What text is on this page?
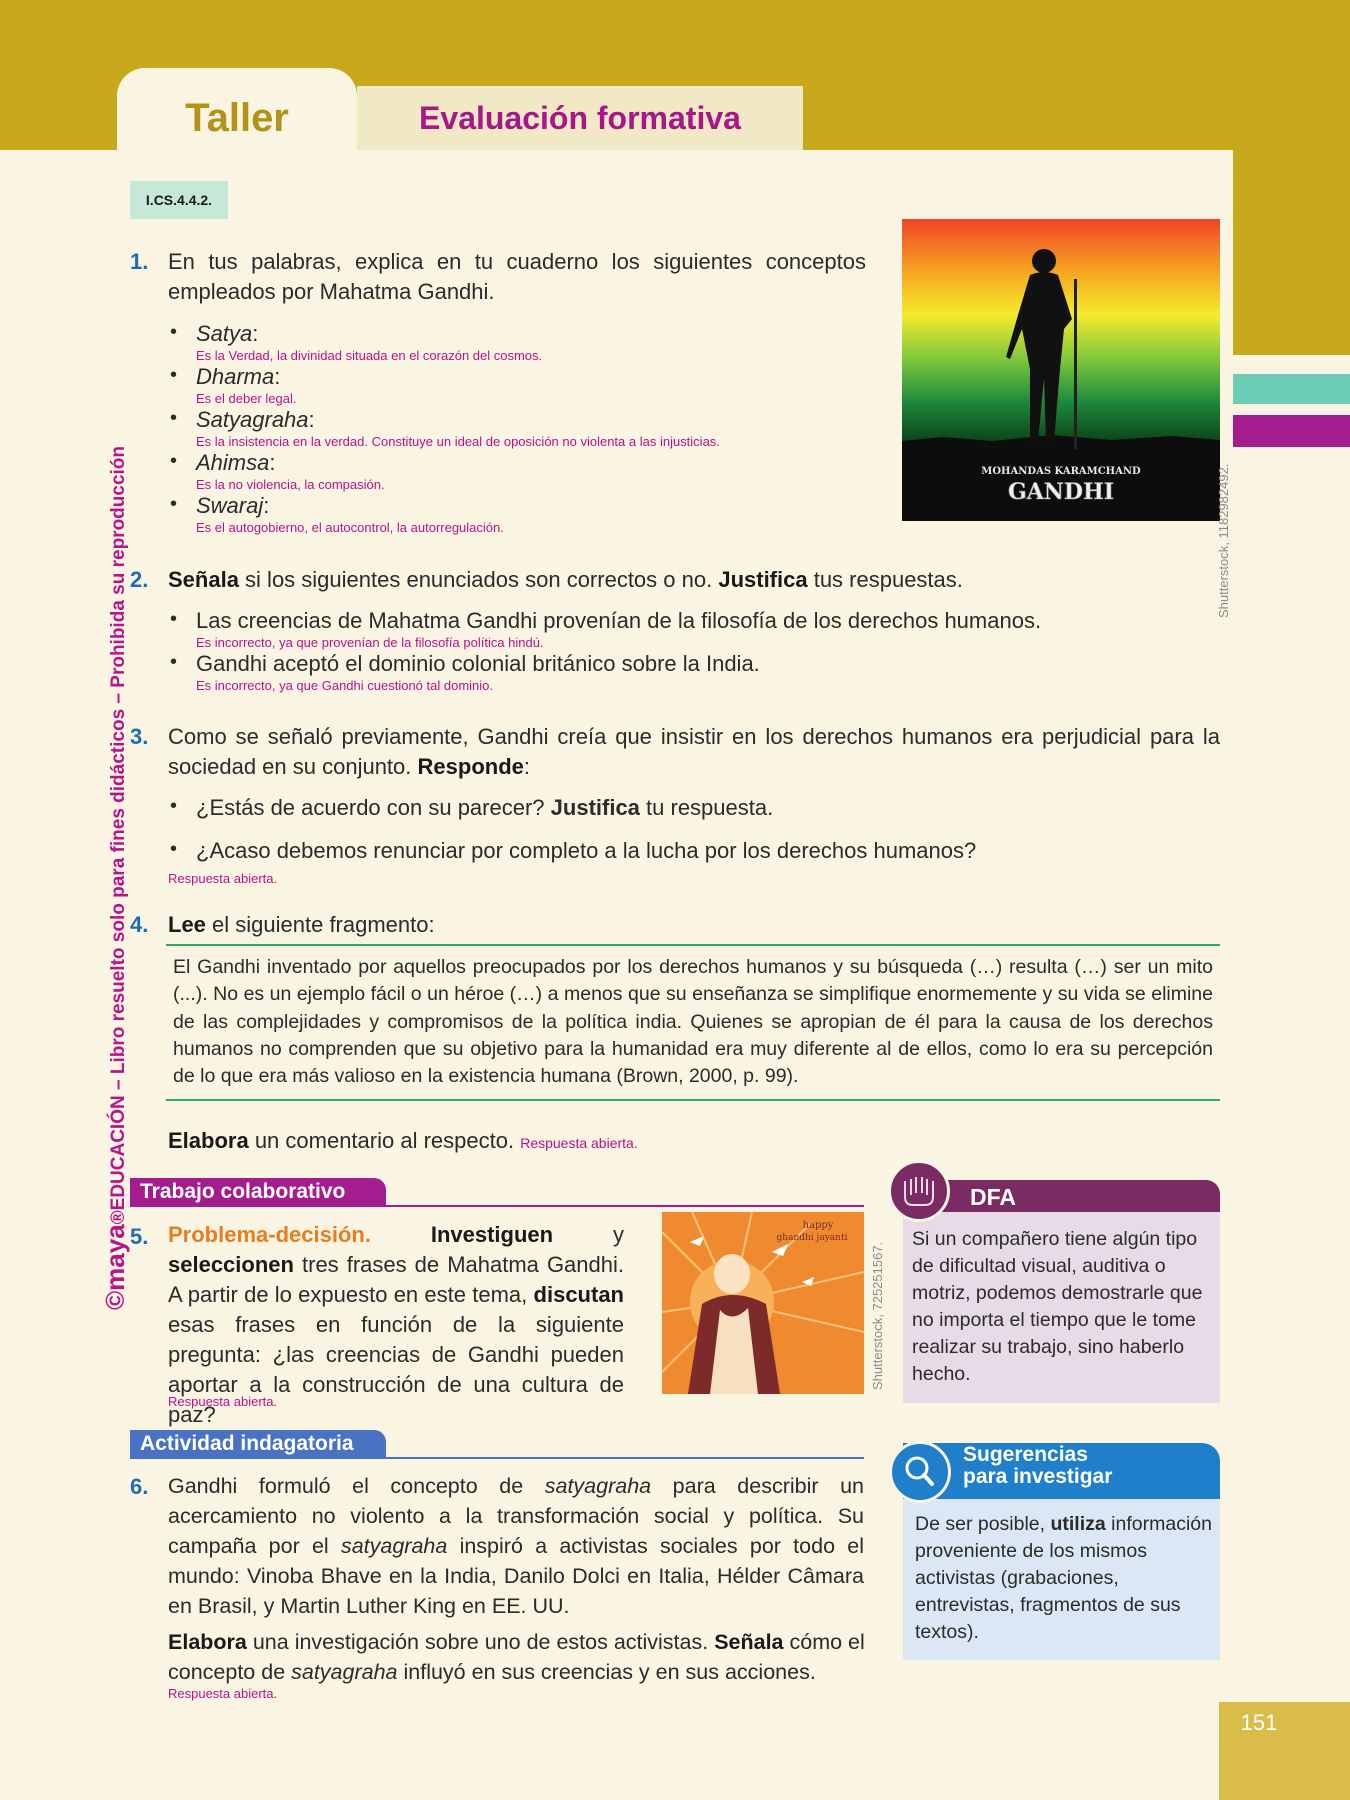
Taller	Evaluación formativa
©maya®EDUCACIÓN – Libro resuelto solo para fines didácticos – Prohibida su reproducción
I.CS.4.4.2.
1. En tus palabras, explica en tu cuaderno los siguientes conceptos empleados por Mahatma Gandhi.
• Satya:
Es la Verdad, la divinidad situada en el corazón del cosmos.
• Dharma:
Es el deber legal.
• Satyagraha:
Es la insistencia en la verdad. Constituye un ideal de oposición no violenta a las injusticias.
• Ahimsa:
Es la no violencia, la compasión.
• Swaraj:
Es el autogobierno, el autocontrol, la autorregulación.
MOHANDAS KARAMCHAND
GANDHI	Shutterstock, 1182982492.
2. Señala si los siguientes enunciados son correctos o no. Justifica tus respuestas.
• Las creencias de Mahatma Gandhi provenían de la filosofía de los derechos humanos.
Es incorrecto, ya que provenían de la filosofía política hindú.
• Gandhi aceptó el dominio colonial británico sobre la India.
Es incorrecto, ya que Gandhi cuestionó tal dominio.
3. Como se señaló previamente, Gandhi creía que insistir en los derechos humanos era perjudicial para la sociedad en su conjunto. Responde:
• ¿Estás de acuerdo con su parecer? Justifica tu respuesta.
• ¿Acaso debemos renunciar por completo a la lucha por los derechos humanos?
Respuesta abierta.
4. Lee el siguiente fragmento:
El Gandhi inventado por aquellos preocupados por los derechos humanos y su búsqueda (…) resulta (…) ser un mito (...). No es un ejemplo fácil o un héroe (…) a menos que su enseñanza se simplifique enormemente y su vida se elimine de las complejidades y compromisos de la política india. Quienes se apropian de él para la causa de los derechos humanos no comprenden que su objetivo para la humanidad era muy diferente al de ellos, como lo era su percepción de lo que era más valioso en la existencia humana (Brown, 2000, p. 99).
Elabora un comentario al respecto. Respuesta abierta.
Trabajo colaborativo
5. Problema-decisión.	Investiguen y seleccionen tres frases de Mahatma Gandhi. A partir de lo expuesto en este tema, discutan esas frases en función de la siguiente pregunta: ¿las creencias de Gandhi pueden aportar a la construcción de una cultura de paz?
Respuesta abierta.
happy
ghandhi jayanti
Shutterstock, 725251567.
DFA
Si un compañero tiene algún tipo de dificultad visual, auditiva o motriz, podemos demostrarle que no importa el tiempo que le tome realizar su trabajo, sino haberlo hecho.
Actividad indagatoria
6. Gandhi formuló el concepto de satyagraha para describir un acercamiento no violento a la transformación social y política. Su campaña por el satyagraha inspiró a activistas sociales por todo el mundo: Vinoba Bhave en la India, Danilo Dolci en Italia, Hélder Câmara en Brasil, y Martin Luther King en EE. UU.
Elabora una investigación sobre uno de estos activistas. Señala cómo el concepto de satyagraha influyó en sus creencias y en sus acciones.
Respuesta abierta.
Sugerencias
para investigar
De ser posible, utiliza información proveniente de los mismos activistas (grabaciones, entrevistas, fragmentos de sus textos).
151
